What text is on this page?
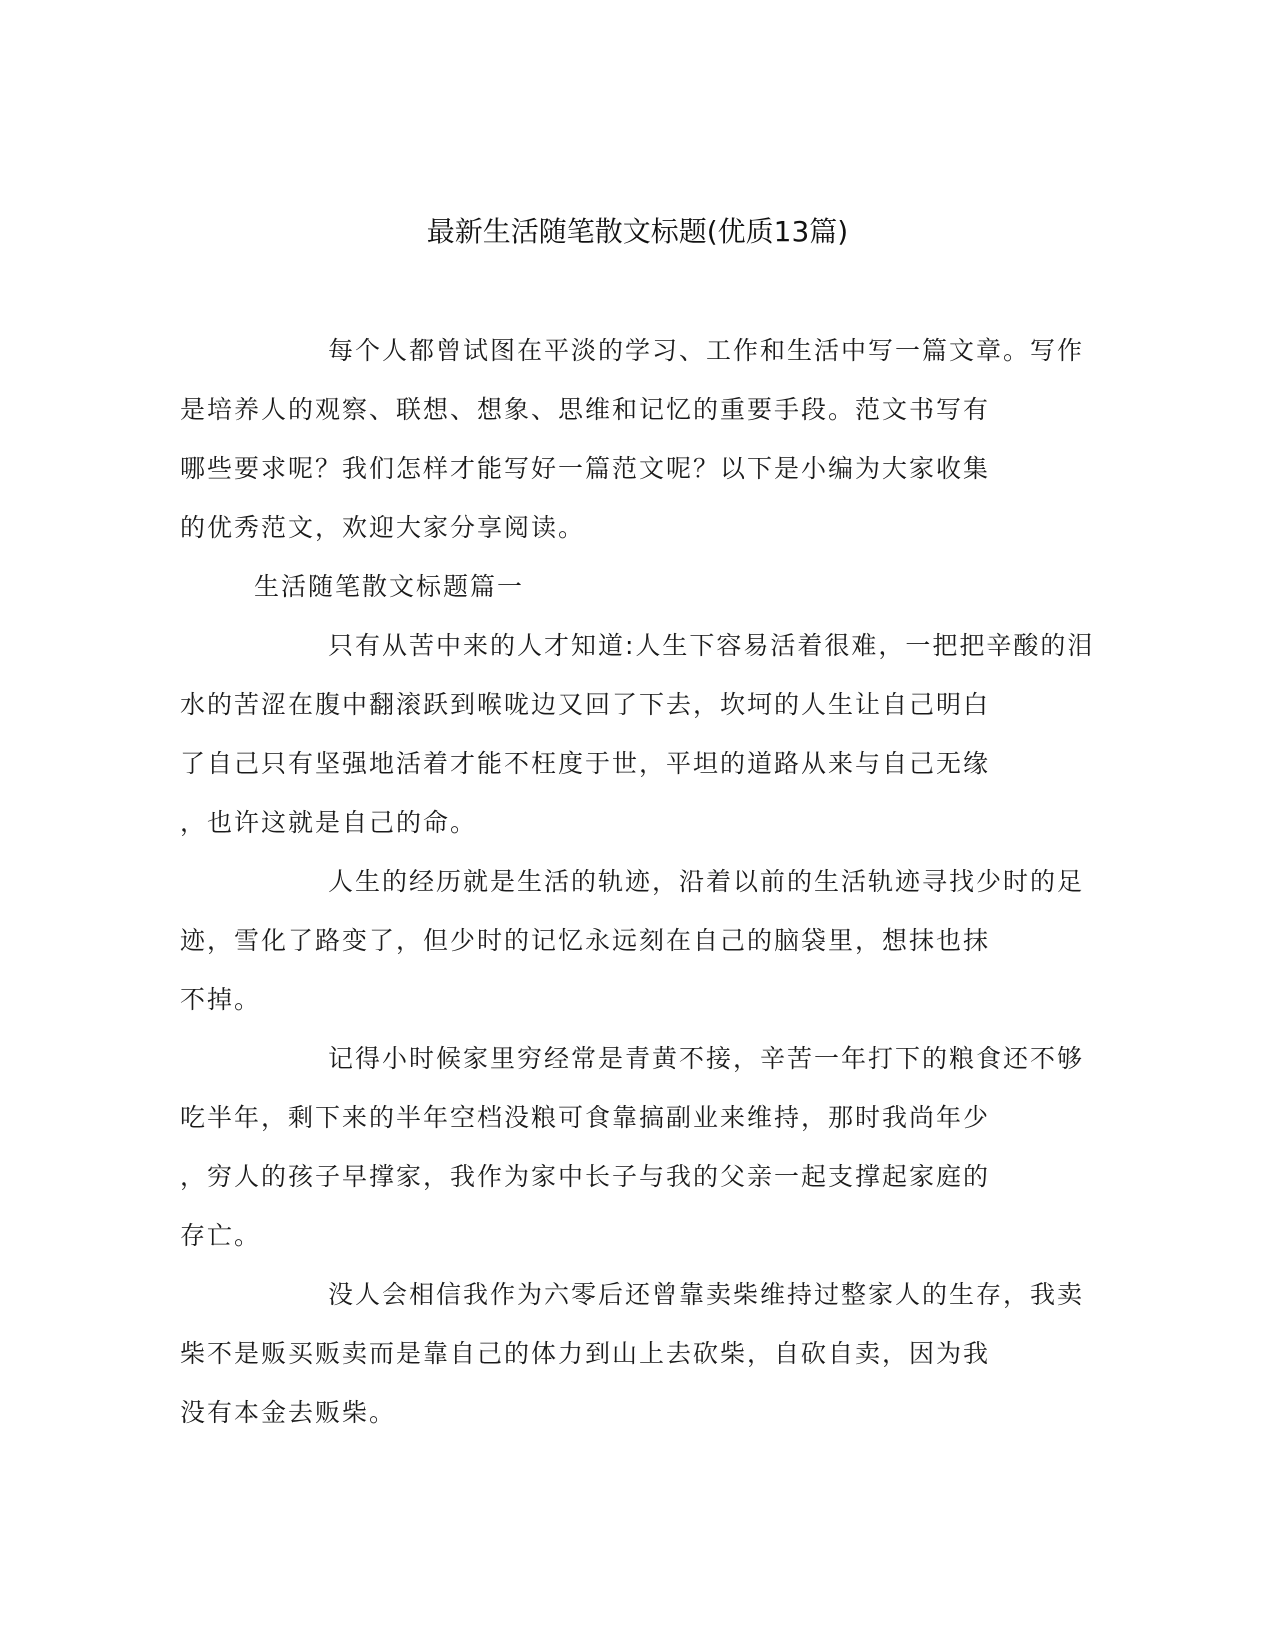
最新生活随笔散文标题(优质13篇)

每个人都曾试图在平淡的学习、工作和生活中写一篇文章。写作
是培养人的观察、联想、想象、思维和记忆的重要手段。范文书写有
哪些要求呢？我们怎样才能写好一篇范文呢？以下是小编为大家收集
的优秀范文，欢迎大家分享阅读。

生活随笔散文标题篇一

只有从苦中来的人才知道:人生下容易活着很难，一把把辛酸的泪
水的苦涩在腹中翻滚跃到喉咙边又回了下去，坎坷的人生让自己明白
了自己只有坚强地活着才能不枉度于世，平坦的道路从来与自己无缘
，也许这就是自己的命。

人生的经历就是生活的轨迹，沿着以前的生活轨迹寻找少时的足
迹，雪化了路变了，但少时的记忆永远刻在自己的脑袋里，想抹也抹
不掉。

记得小时候家里穷经常是青黄不接，辛苦一年打下的粮食还不够
吃半年，剩下来的半年空档没粮可食靠搞副业来维持，那时我尚年少
，穷人的孩子早撑家，我作为家中长子与我的父亲一起支撑起家庭的
存亡。

没人会相信我作为六零后还曾靠卖柴维持过整家人的生存，我卖
柴不是贩买贩卖而是靠自己的体力到山上去砍柴，自砍自卖，因为我
没有本金去贩柴。
